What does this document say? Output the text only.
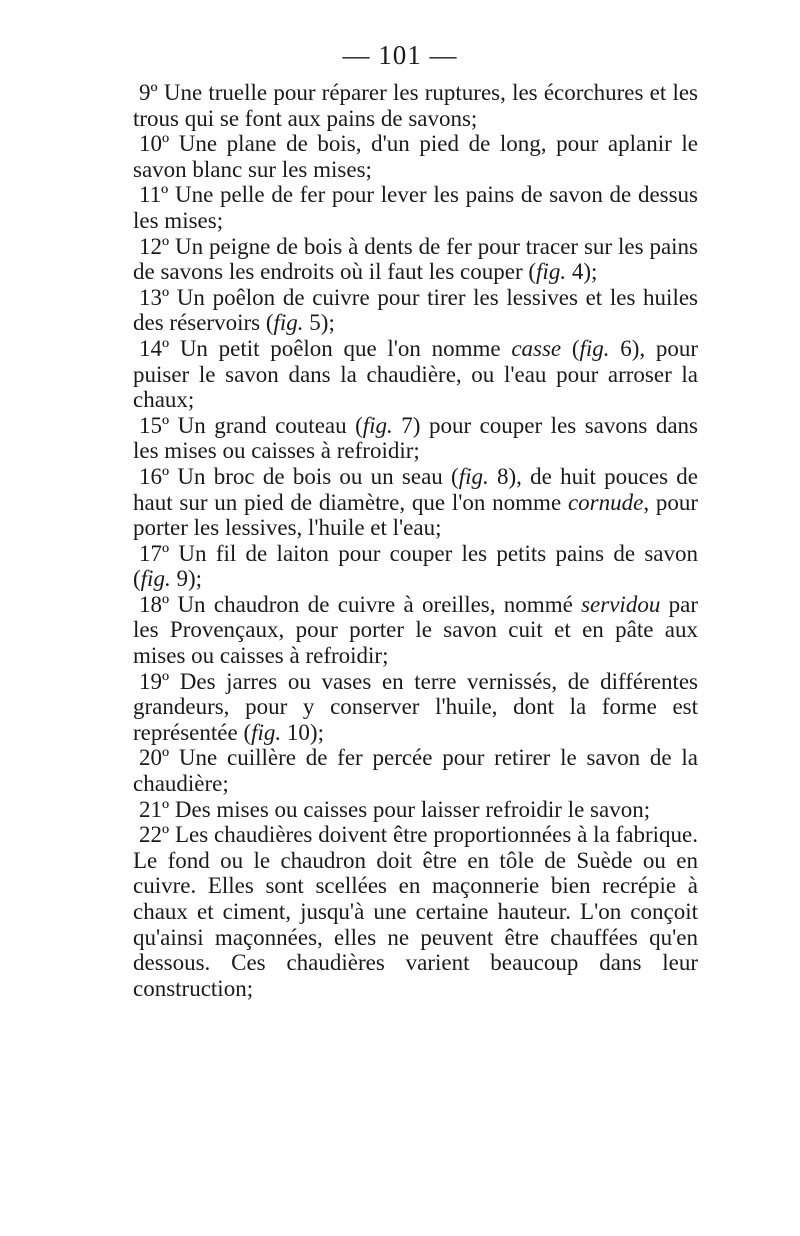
— 101 —

9º Une truelle pour réparer les ruptures, les écorchures et les trous qui se font aux pains de savons;

10º Une plane de bois, d'un pied de long, pour aplanir le savon blanc sur les mises;

11º Une pelle de fer pour lever les pains de savon de dessus les mises;

12º Un peigne de bois à dents de fer pour tracer sur les pains de savons les endroits où il faut les couper (fig. 4);

13º Un poêlon de cuivre pour tirer les lessives et les huiles des réservoirs (fig. 5);

14º Un petit poêlon que l'on nomme casse (fig. 6), pour puiser le savon dans la chaudière, ou l'eau pour arroser la chaux;

15º Un grand couteau (fig. 7) pour couper les savons dans les mises ou caisses à refroidir;

16º Un broc de bois ou un seau (fig. 8), de huit pouces de haut sur un pied de diamètre, que l'on nomme cornude, pour porter les lessives, l'huile et l'eau;

17º Un fil de laiton pour couper les petits pains de savon (fig. 9);

18º Un chaudron de cuivre à oreilles, nommé servidou par les Provençaux, pour porter le savon cuit et en pâte aux mises ou caisses à refroidir;

19º Des jarres ou vases en terre vernissés, de différentes grandeurs, pour y conserver l'huile, dont la forme est représentée (fig. 10);

20º Une cuillère de fer percée pour retirer le savon de la chaudière;

21º Des mises ou caisses pour laisser refroidir le savon;

22º Les chaudières doivent être proportionnées à la fabrique. Le fond ou le chaudron doit être en tôle de Suède ou en cuivre. Elles sont scellées en maçonnerie bien recrépie à chaux et ciment, jusqu'à une certaine hauteur. L'on conçoit qu'ainsi maçonnées, elles ne peuvent être chauffées qu'en dessous. Ces chaudières varient beaucoup dans leur construction;
